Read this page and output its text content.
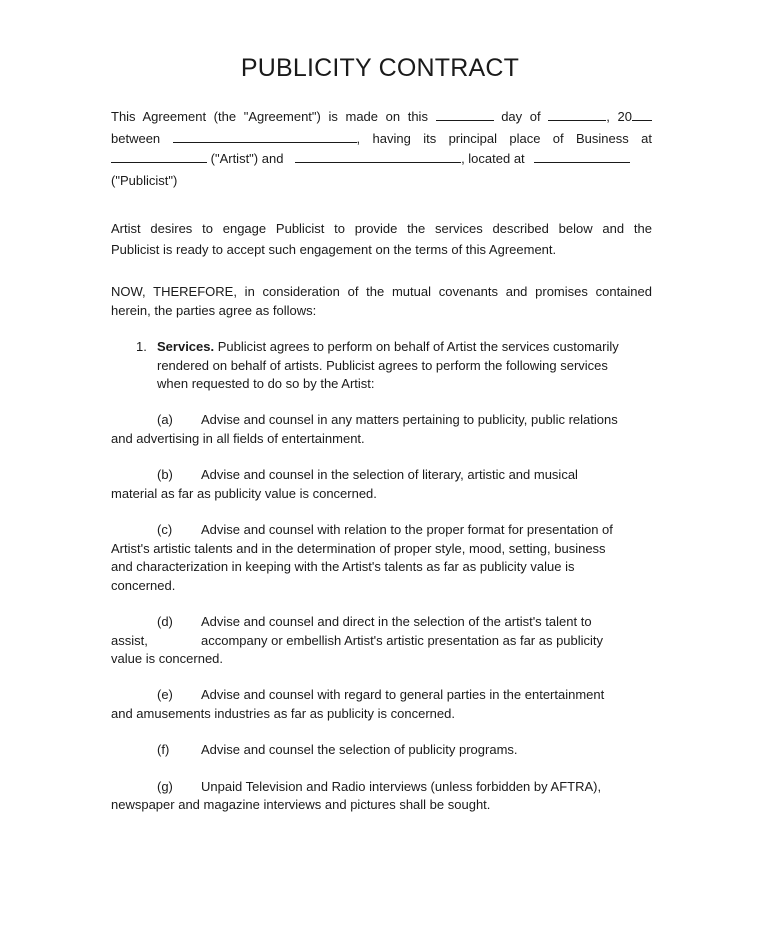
PUBLICITY CONTRACT
This Agreement (the "Agreement") is made on this	day of	, 20
between	, having its principal place of Business at
("Artist") and	, located at
("Publicist")
Artist desires to engage Publicist to provide the services described below and the
Publicist is ready to accept such engagement on the terms of this Agreement.
NOW, THEREFORE, in consideration of the mutual covenants and promises contained
herein, the parties agree as follows:
1. Services. Publicist agrees to perform on behalf of Artist the services customarily
rendered on behalf of artists. Publicist agrees to perform the following services
when requested to do so by the Artist:
(a) Advise and counsel in any matters pertaining to publicity, public relations
and advertising in all fields of entertainment.
(b) Advise and counsel in the selection of literary, artistic and musical
material as far as publicity value is concerned.
(c) Advise and counsel with relation to the proper format for presentation of
Artist's artistic talents and in the determination of proper style, mood, setting, business
and characterization in keeping with the Artist's talents as far as publicity value is
concerned.
(d) Advise and counsel and direct in the selection of the artist's talent to
assist,	accompany or embellish Artist's artistic presentation as far as publicity
value is concerned.
(e) Advise and counsel with regard to general parties in the entertainment
and amusements industries as far as publicity is concerned.
(f) Advise and counsel the selection of publicity programs.
(g) Unpaid Television and Radio interviews (unless forbidden by AFTRA),
newspaper and magazine interviews and pictures shall be sought.
